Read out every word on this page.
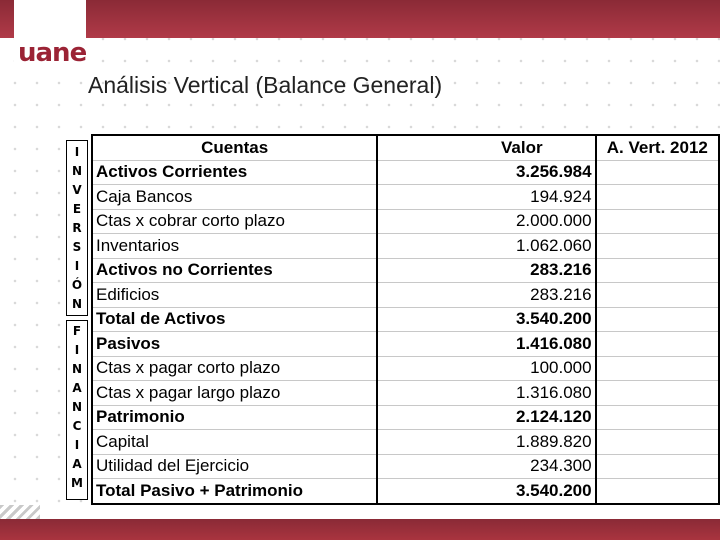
uane
Análisis Vertical (Balance General)
I
N
V
E
R
S
I
Ó
N
F
I
N
A
N
C
I
A
M
Cuentas	Valor	A. Vert. 2012
Activos Corrientes	3.256.984	
Caja Bancos	194.924	
Ctas x cobrar corto plazo	2.000.000	
Inventarios	1.062.060	
Activos no Corrientes	283.216	
Edificios	283.216	
Total de Activos	3.540.200	
Pasivos	1.416.080	
Ctas x pagar corto plazo	100.000	
Ctas x pagar largo plazo	1.316.080	
Patrimonio	2.124.120	
Capital	1.889.820	
Utilidad del Ejercicio	234.300	
Total Pasivo + Patrimonio	3.540.200	
